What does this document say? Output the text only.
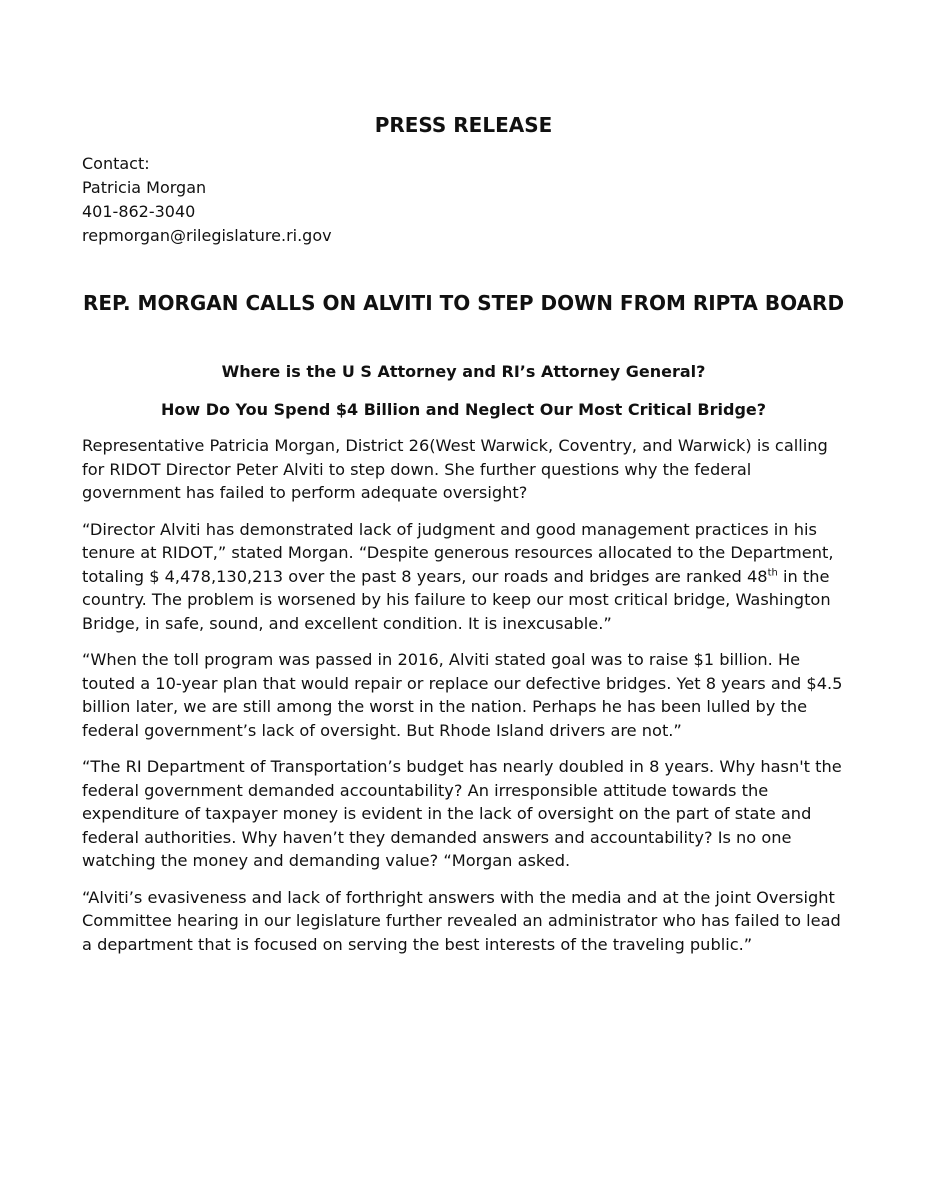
PRESS RELEASE
Contact:
Patricia Morgan
401-862-3040
repmorgan@rilegislature.ri.gov
REP. MORGAN CALLS ON ALVITI TO STEP DOWN FROM RIPTA BOARD
Where is the U S Attorney and RI’s Attorney General?
How Do You Spend $4 Billion and Neglect Our Most Critical Bridge?

Representative Patricia Morgan, District 26(West Warwick, Coventry, and Warwick) is calling for RIDOT Director Peter Alviti to step down. She further questions why the federal government has failed to perform adequate oversight?

“Director Alviti has demonstrated lack of judgment and good management practices in his tenure at RIDOT,” stated Morgan. “Despite generous resources allocated to the Department, totaling $ 4,478,130,213 over the past 8 years, our roads and bridges are ranked 48th in the country. The problem is worsened by his failure to keep our most critical bridge, Washington Bridge, in safe, sound, and excellent condition. It is inexcusable.”

“When the toll program was passed in 2016, Alviti stated goal was to raise $1 billion. He touted a 10-year plan that would repair or replace our defective bridges. Yet 8 years and $4.5 billion later, we are still among the worst in the nation. Perhaps he has been lulled by the federal government’s lack of oversight. But Rhode Island drivers are not.”

“The RI Department of Transportation’s budget has nearly doubled in 8 years. Why hasn't the federal government demanded accountability? An irresponsible attitude towards the expenditure of taxpayer money is evident in the lack of oversight on the part of state and federal authorities. Why haven’t they demanded answers and accountability? Is no one watching the money and demanding value? “Morgan asked.

“Alviti’s evasiveness and lack of forthright answers with the media and at the joint Oversight Committee hearing in our legislature further revealed an administrator who has failed to lead a department that is focused on serving the best interests of the traveling public.”
